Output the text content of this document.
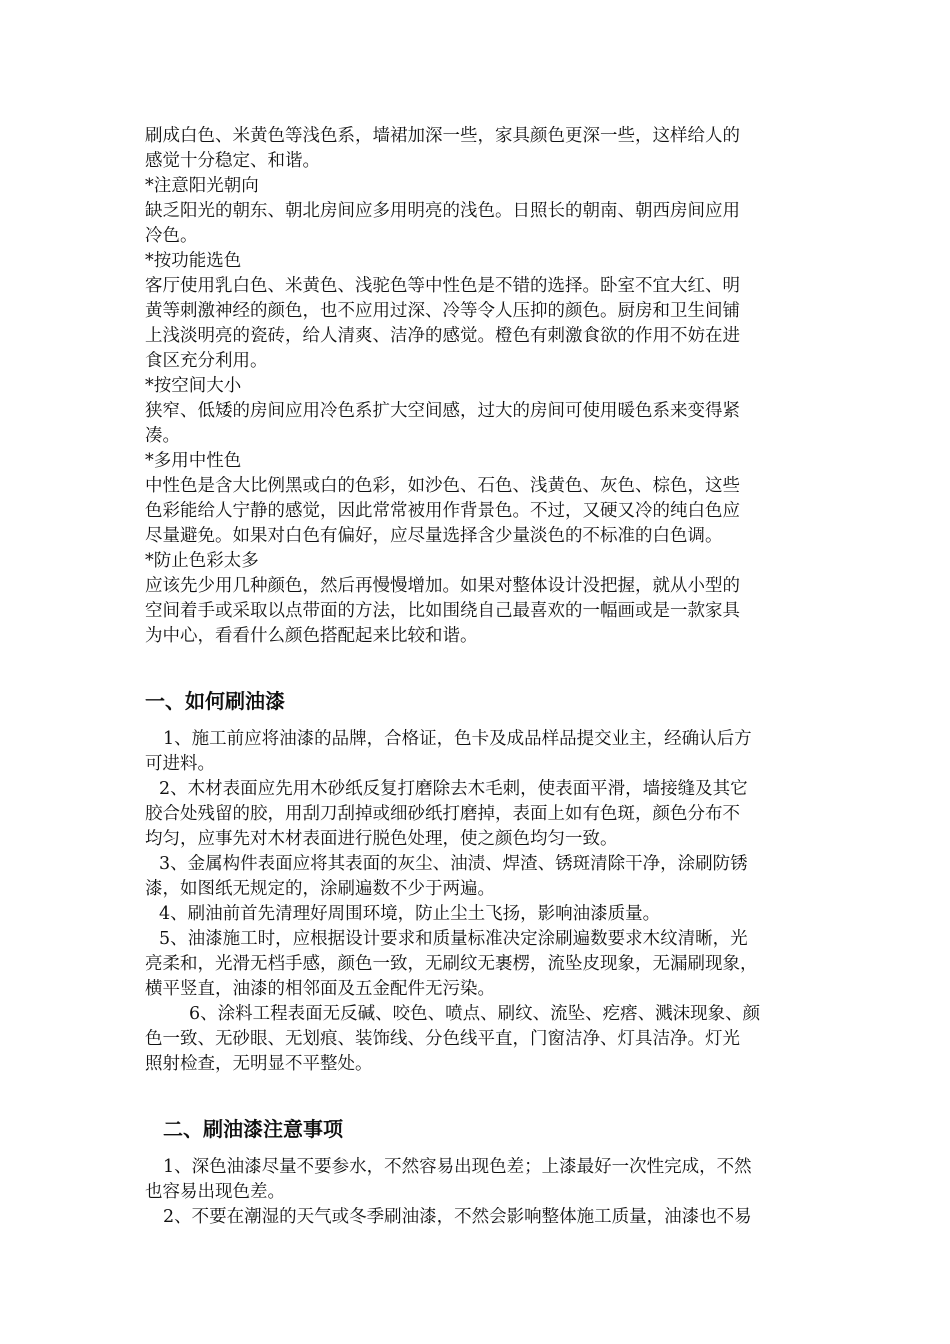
刷成白色、米黄色等浅色系，墙裙加深一些，家具颜色更深一些，这样给人的
感觉十分稳定、和谐。
*注意阳光朝向
缺乏阳光的朝东、朝北房间应多用明亮的浅色。日照长的朝南、朝西房间应用
冷色。
*按功能选色
客厅使用乳白色、米黄色、浅驼色等中性色是不错的选择。卧室不宜大红、明
黄等刺激神经的颜色，也不应用过深、冷等令人压抑的颜色。厨房和卫生间铺
上浅淡明亮的瓷砖，给人清爽、洁净的感觉。橙色有刺激食欲的作用不妨在进
食区充分利用。
*按空间大小
狭窄、低矮的房间应用冷色系扩大空间感，过大的房间可使用暖色系来变得紧
凑。
*多用中性色
中性色是含大比例黑或白的色彩，如沙色、石色、浅黄色、灰色、棕色，这些
色彩能给人宁静的感觉，因此常常被用作背景色。不过，又硬又冷的纯白色应
尽量避免。如果对白色有偏好，应尽量选择含少量淡色的不标准的白色调。
*防止色彩太多
应该先少用几种颜色，然后再慢慢增加。如果对整体设计没把握，就从小型的
空间着手或采取以点带面的方法，比如围绕自己最喜欢的一幅画或是一款家具
为中心，看看什么颜色搭配起来比较和谐。
一、如何刷油漆
1、施工前应将油漆的品牌，合格证，色卡及成品样品提交业主，经确认后方
可进料。
2、木材表面应先用木砂纸反复打磨除去木毛刺，使表面平滑，墙接缝及其它
胶合处残留的胶，用刮刀刮掉或细砂纸打磨掉，表面上如有色斑，颜色分布不
均匀，应事先对木材表面进行脱色处理，使之颜色均匀一致。
3、金属构件表面应将其表面的灰尘、油渍、焊渣、锈斑清除干净，涂刷防锈
漆，如图纸无规定的，涂刷遍数不少于两遍。
4、刷油前首先清理好周围环境，防止尘土飞扬，影响油漆质量。
5、油漆施工时，应根据设计要求和质量标准决定涂刷遍数要求木纹清晰，光
亮柔和，光滑无档手感，颜色一致，无刷纹无裹楞，流坠皮现象，无漏刷现象，
横平竖直，油漆的相邻面及五金配件无污染。
6、涂料工程表面无反碱、咬色、喷点、刷纹、流坠、疙瘩、溅沫现象、颜
色一致、无砂眼、无划痕、装饰线、分色线平直，门窗洁净、灯具洁净。灯光
照射检查，无明显不平整处。
二、刷油漆注意事项
1、深色油漆尽量不要参水，不然容易出现色差；上漆最好一次性完成，不然
也容易出现色差。
2、不要在潮湿的天气或冬季刷油漆，不然会影响整体施工质量，油漆也不易
